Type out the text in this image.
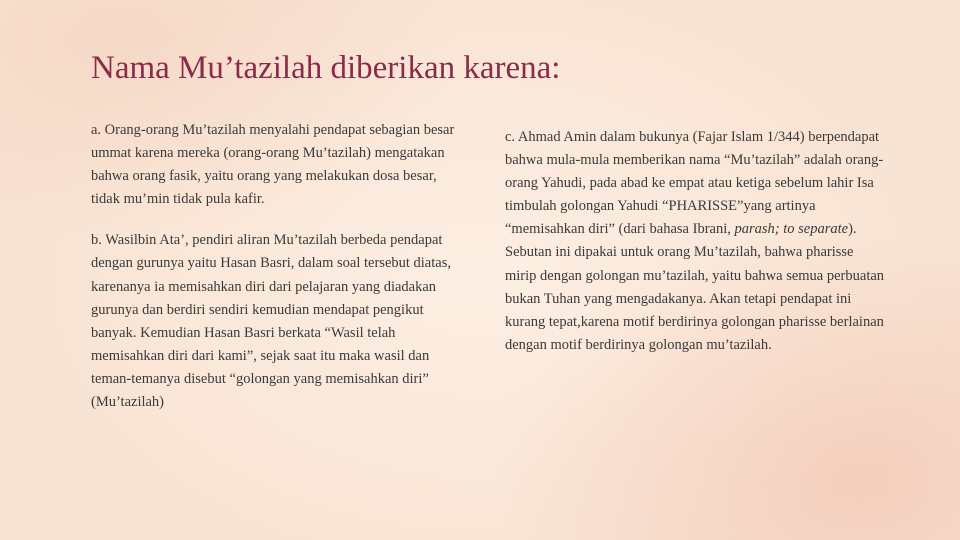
Nama Mu’tazilah diberikan karena:

a. Orang-orang Mu’tazilah menyalahi pendapat sebagian besar ummat karena mereka (orang-orang Mu’tazilah) mengatakan bahwa orang fasik, yaitu orang yang melakukan dosa besar, tidak mu’min tidak pula kafir.

b. Wasilbin Ata’, pendiri aliran Mu’tazilah berbeda pendapat dengan gurunya yaitu Hasan Basri, dalam soal tersebut diatas, karenanya ia memisahkan diri dari pelajaran yang diadakan gurunya dan berdiri sendiri kemudian mendapat pengikut banyak. Kemudian Hasan Basri berkata “Wasil telah memisahkan diri dari kami”, sejak saat itu maka wasil dan teman-temanya disebut “golongan yang memisahkan diri” (Mu’tazilah)

c. Ahmad Amin dalam bukunya (Fajar Islam 1/344) berpendapat bahwa mula-mula memberikan nama “Mu’tazilah” adalah orang-orang Yahudi, pada abad ke empat atau ketiga sebelum lahir Isa timbulah golongan Yahudi “PHARISSE”yang artinya “memisahkan diri” (dari bahasa Ibrani, parash; to separate). Sebutan ini dipakai untuk orang Mu’tazilah, bahwa pharisse mirip dengan golongan mu’tazilah, yaitu bahwa semua perbuatan bukan Tuhan yang mengadakanya. Akan tetapi pendapat ini kurang tepat,karena motif berdirinya golongan pharisse berlainan dengan motif berdirinya golongan mu’tazilah.
